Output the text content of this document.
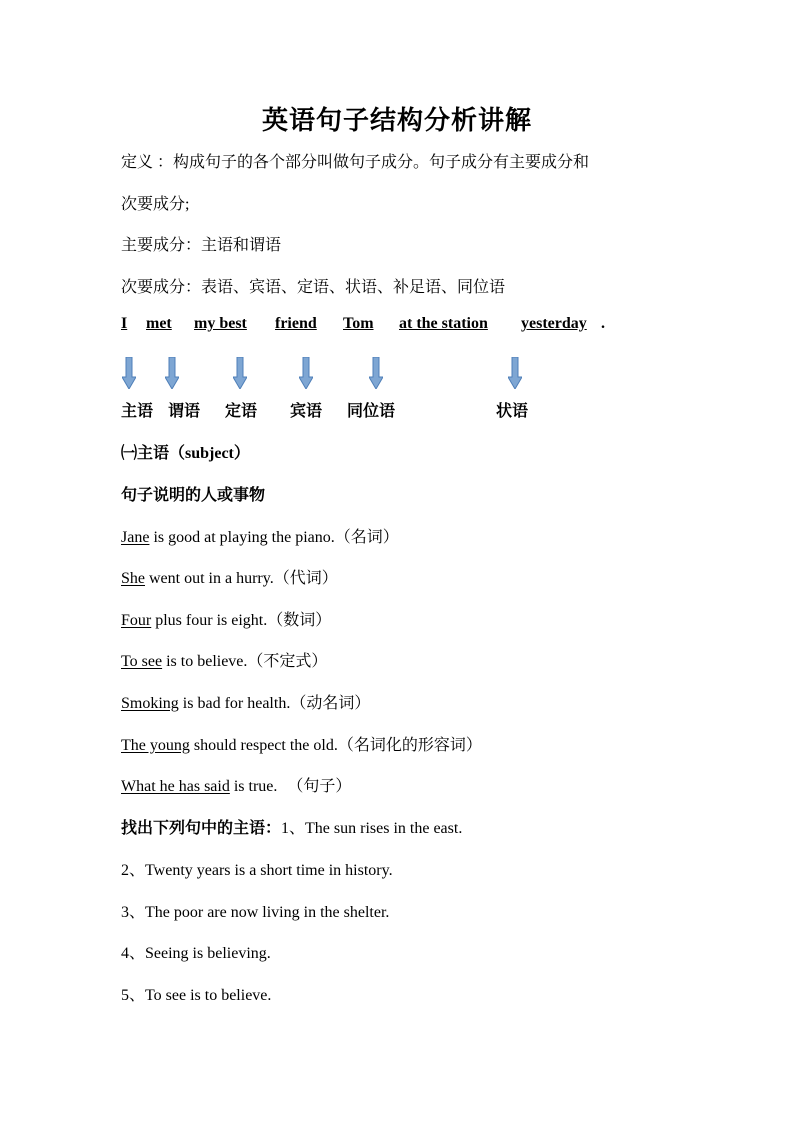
英语句子结构分析讲解
定义 ：构成句子的各个部分叫做句子成分。句子成分有主要成分和
次要成分;
主要成分：主语和谓语
次要成分：表语、宾语、定语、状语、补足语、同位语
I met my best friend Tom at the station yesterday .
主语 谓语 定语 宾语 同位语	状语
㈠主语（subject）
句子说明的人或事物
Jane is good at playing the piano.（名词）
She went out in a hurry.（代词）
Four plus four is eight.（数词）
To see is to believe.（不定式）
Smoking is bad for health.（动名词）
The young should respect the old.（名词化的形容词）
What he has said is true. （句子）
找出下列句中的主语：1、The sun rises in the east.
2、Twenty years is a short time in history.
3、The poor are now living in the shelter.
4、Seeing is believing.
5、To see is to believe.
